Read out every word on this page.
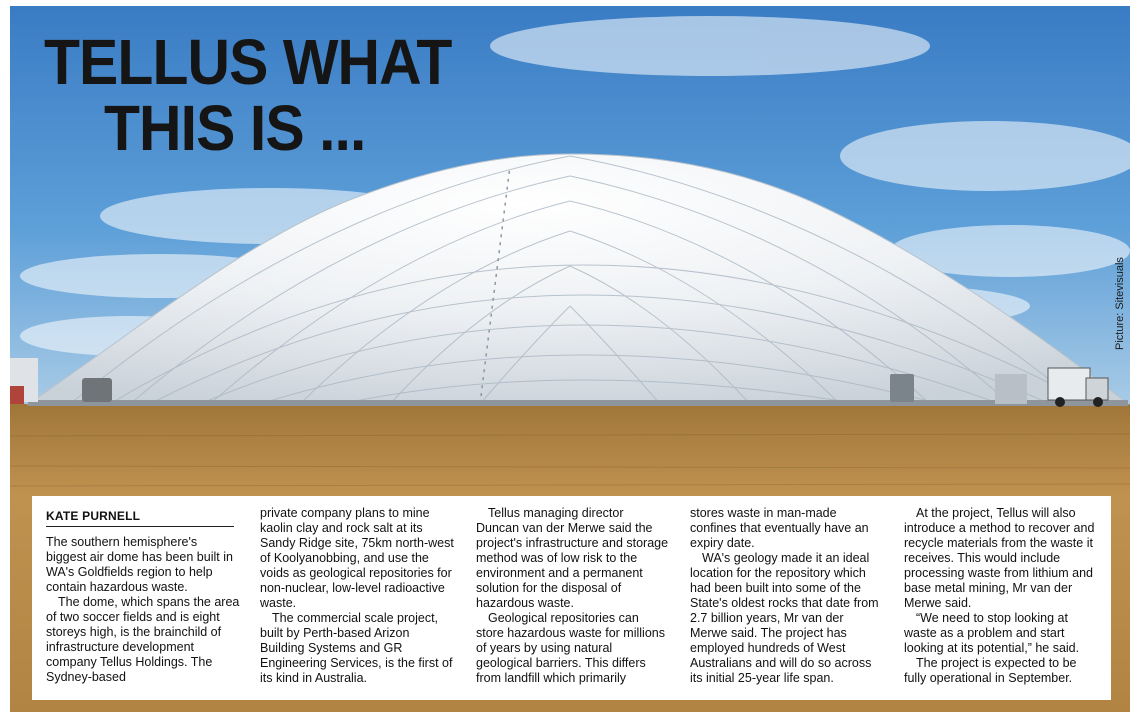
TELLUS WHAT
THIS IS ...
Picture: Sitevisuals
KATE PURNELL

The southern hemisphere's biggest air dome has been built in WA's Goldfields region to help contain hazardous waste.

The dome, which spans the area of two soccer fields and is eight storeys high, is the brainchild of infrastructure development company Tellus Holdings. The Sydney-based

private company plans to mine kaolin clay and rock salt at its Sandy Ridge site, 75km north-west of Koolyanobbing, and use the voids as geological repositories for non-nuclear, low-level radioactive waste.

The commercial scale project, built by Perth-based Arizon Building Systems and GR Engineering Services, is the first of its kind in Australia.

Tellus managing director Duncan van der Merwe said the project's infrastructure and storage method was of low risk to the environment and a permanent solution for the disposal of hazardous waste.

Geological repositories can store hazardous waste for millions of years by using natural geological barriers. This differs from landfill which primarily

stores waste in man-made confines that eventually have an expiry date.

WA's geology made it an ideal location for the repository which had been built into some of the State's oldest rocks that date from 2.7 billion years, Mr van der Merwe said. The project has employed hundreds of West Australians and will do so across its initial 25-year life span.

At the project, Tellus will also introduce a method to recover and recycle materials from the waste it receives. This would include processing waste from lithium and base metal mining, Mr van der Merwe said.

“We need to stop looking at waste as a problem and start looking at its potential,” he said.

The project is expected to be fully operational in September.
